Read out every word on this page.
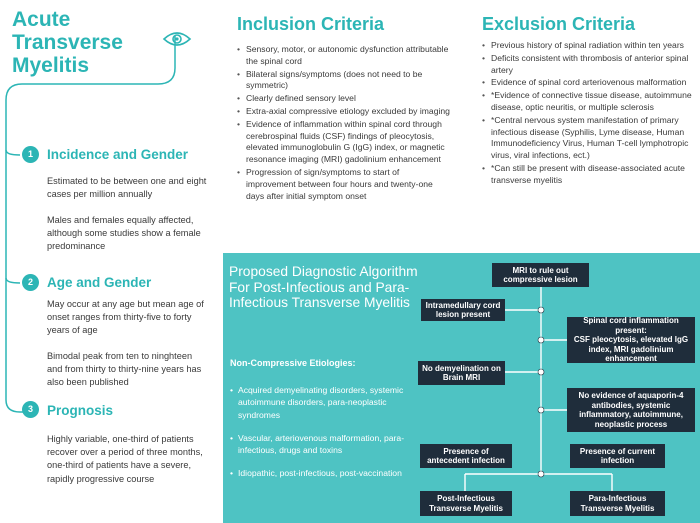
Acute Transverse Myelitis
1	Incidence and Gender
Estimated to be between one and eight cases per million annually
Males and females equally affected, although some studies show a female predominance
2	Age and Gender
May occur at any age but mean age of onset ranges from thirty-five to forty years of age
Bimodal peak from ten to ninghteen and from thirty to thirty-nine years has also been published
3	Prognosis
Highly variable, one-third of patients recover over a period of three months, one-third of patients have a severe, rapidly progressive course
Inclusion Criteria
• Sensory, motor, or autonomic dysfunction attributable the spinal cord
• Bilateral signs/symptoms (does not need to be symmetric)
• Clearly defined sensory level
• Extra-axial compressive etiology excluded by imaging
• Evidence of inflammation within spinal cord through cerebrospinal fluids (CSF) findings of pleocytosis, elevated immunoglobulin G (IgG) index, or magnetic resonance imaging (MRI) gadolinium enhancement
• Progression of sign/symptoms to start of improvement between four hours and twenty-one days after initial symptom onset
Exclusion Criteria
• Previous history of spinal radiation within ten years
• Deficits consistent with thrombosis of anterior spinal artery
• Evidence of spinal cord arteriovenous malformation
• *Evidence of connective tissue disease, autoimmune disease, optic neuritis, or multiple sclerosis
• *Central nervous system manifestation of primary infectious disease (Syphilis, Lyme disease, Human Immunodeficiency Virus, Human T-cell lymphotropic virus, viral infections, ect.)
• *Can still be present with disease-associated acute transverse myelitis
Proposed Diagnostic Algorithm For Post-Infectious and Para-Infectious Transverse Myelitis
Non-Compressive Etiologies:
• Acquired demyelinating disorders, systemic autoimmune disorders, para-neoplastic syndromes
• Vascular, arteriovenous malformation, para-infectious, drugs and toxins
• Idiopathic, post-infectious, post-vaccination
MRI to rule out compressive lesion
Intramedullary cord lesion present
Spinal cord inflammation present:
CSF pleocytosis, elevated IgG index, MRI gadolinium enhancement
No demyelination on Brain MRI
No evidence of aquaporin-4 antibodies, systemic inflammatory, autoimmune, neoplastic process
Presence of antecedent infection
Presence of current infection
Post-Infectious Transverse Myelitis
Para-Infectious Transverse Myelitis
